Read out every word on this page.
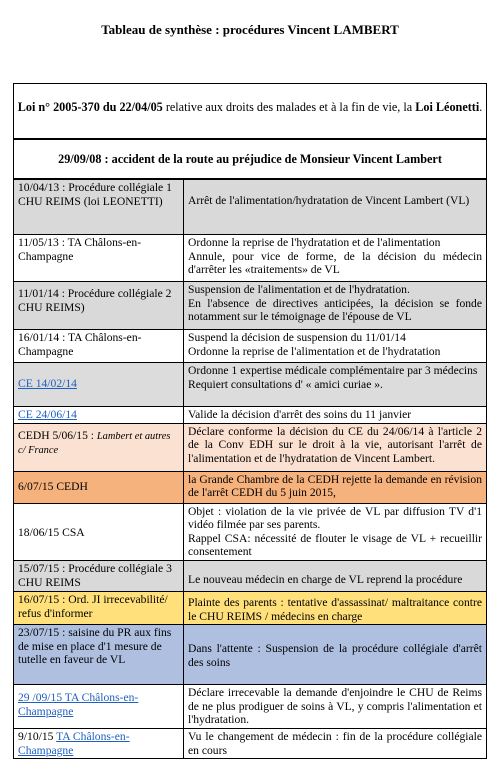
Tableau de synthèse : procédures Vincent LAMBERT
Loi n° 2005-370 du 22/04/05 relative aux droits des malades et à la fin de vie, la Loi Léonetti.
29/09/08 : accident de la route au préjudice de Monsieur Vincent Lambert
10/04/13 : Procédure collégiale 1
CHU REIMS (loi LEONETTI)	Arrêt de l'alimentation/hydratation de Vincent Lambert (VL)

11/05/13 : TA Châlons-en-Champagne	Ordonne la reprise de l'hydratation et de l'alimentation
Annule, pour vice de forme, de la décision du médecin d'arrêter les «traitements» de VL

11/01/14 : Procédure collégiale 2 CHU REIMS)	Suspension de l'alimentation et de l'hydratation.
En l'absence de directives anticipées, la décision se fonde notamment sur le témoignage de l'épouse de VL
16/01/14 : TA Châlons-en-Champagne	Suspend la décision de suspension du 11/01/14
Ordonne la reprise de l'alimentation et de l'hydratation

CE 14/02/14	Ordonne 1 expertise médicale complémentaire par 3 médecins
Requiert consultations d' « amici curiae ».
CE 24/06/14	Valide la décision d'arrêt des soins du 11 janvier

CEDH 5/06/15 : Lambert et autres c/ France	Déclare conforme la décision du CE du 24/06/14 à l'article 2 de la Conv EDH sur le droit à la vie, autorisant l'arrêt de l'alimentation et de l'hydratation de Vincent Lambert.

6/07/15 CEDH	la Grande Chambre de la CEDH rejette la demande en révision de l'arrêt CEDH du 5 juin 2015,

18/06/15 CSA	Objet : violation de la vie privée de VL par diffusion TV d'1 vidéo filmée par ses parents.
Rappel CSA: nécessité de flouter le visage de VL + recueillir consentement
15/07/15 : Procédure collégiale 3 CHU REIMS	Le nouveau médecin en charge de VL reprend la procédure

16/07/15 : Ord. JI irrecevabilité/ refus d'informer	Plainte des parents : tentative d'assassinat/ maltraitance contre le CHU REIMS / médecins en charge

23/07/15 : saisine du PR aux fins de mise en place d'1 mesure de tutelle en faveur de VL	Dans l'attente : Suspension de la procédure collégiale d'arrêt des soins

29 /09/15 TA Châlons-en-Champagne	Déclare irrecevable la demande d'enjoindre le CHU de Reims de ne plus prodiguer de soins à VL, y compris l'alimentation et l'hydratation.
9/10/15 TA Châlons-en-Champagne	Vu le changement de médecin : fin de la procédure collégiale en cours
